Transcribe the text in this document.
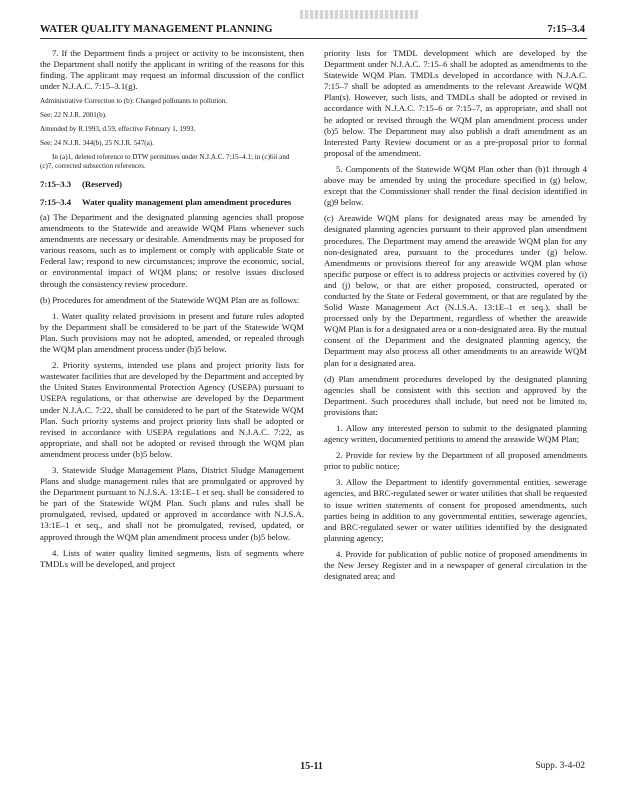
WATER QUALITY MANAGEMENT PLANNING	7:15–3.4

7. If the Department finds a project or activity to be inconsistent, then the Department shall notify the applicant in writing of the reasons for this finding. The applicant may request an informal discussion of the conflict under N.J.A.C. 7:15–3.1(g).

Administrative Correction to (b): Changed pollutants to pollution.

See: 22 N.J.R. 2001(b).

Amended by R.1993, d.59, effective February 1, 1993.

See: 24 N.J.R. 344(b), 25 N.J.R. 547(a).

In (a)1, deleted reference to DTW permittees under N.J.A.C. 7:15–4.1; in (c)6ii and (c)7, corrected subsection references.

7:15–3.3	(Reserved)
7:15–3.4	Water quality management plan amendment procedures

(a) The Department and the designated planning agencies shall propose amendments to the Statewide and areawide WQM Plans whenever such amendments are necessary or desirable. Amendments may be proposed for various reasons, such as to implement or comply with applicable State or Federal law; respond to new circumstances; improve the economic, social, or environmental impact of WQM plans; or resolve issues disclosed through the consistency review procedure.

(b) Procedures for amendment of the Statewide WQM Plan are as follows:

1. Water quality related provisions in present and future rules adopted by the Department shall be considered to be part of the Statewide WQM Plan. Such provisions may not be adopted, amended, or repealed through the WQM plan amendment process under (b)5 below.

2. Priority systems, intended use plans and project priority lists for wastewater facilities that are developed by the Department and accepted by the United States Environmental Protection Agency (USEPA) pursuant to USEPA regulations, or that otherwise are developed by the Department under N.J.A.C. 7:22, shall be considered to be part of the Statewide WQM Plan. Such priority systems and project priority lists shall be adopted or revised in accordance with USEPA regulations and N.J.A.C. 7:22, as appropriate, and shall not be adopted or revised through the WQM plan amendment process under (b)5 below.

3. Statewide Sludge Management Plans, District Sludge Management Plans and sludge management rules that are promulgated or approved by the Department pursuant to N.J.S.A. 13:1E–1 et seq. shall be considered to be part of the Statewide WQM Plan. Such plans and rules shall be promulgated, revised, updated or approved in accordance with N.J.S.A. 13:1E–1 et seq., and shall not be promulgated, revised, updated, or approved through the WQM plan amendment process under (b)5 below.

4. Lists of water quality limited segments, lists of segments where TMDLs will be developed, and project

priority lists for TMDL development which are developed by the Department under N.J.A.C. 7:15–6 shall be adopted as amendments to the Statewide WQM Plan. TMDLs developed in accordance with N.J.A.C. 7:15–7 shall be adopted as amendments to the relevant Areawide WQM Plan(s). However, such lists, and TMDLs shall be adopted or revised in accordance with N.J.A.C. 7:15–6 or 7:15–7, as appropriate, and shall not be adopted or revised through the WQM plan amendment process under (b)5 below. The Department may also publish a draft amendment as an Interested Party Review document or as a pre-proposal prior to formal proposal of the amendment.

5. Components of the Statewide WQM Plan other than (b)1 through 4 above may be amended by using the procedure specified in (g) below, except that the Commissioner shall render the final decision identified in (g)9 below.

(c) Areawide WQM plans for designated areas may be amended by designated planning agencies pursuant to their approved plan amendment procedures. The Department may amend the areawide WQM plan for any non-designated area, pursuant to the procedures under (g) below. Amendments or provisions thereof for any areawide WQM plan whose specific purpose or effect is to address projects or activities covered by (i) and (j) below, or that are either proposed, constructed, operated or conducted by the State or Federal government, or that are regulated by the Solid Waste Management Act (N.J.S.A. 13:1E–1 et seq.), shall be processed only by the Department, regardless of whether the areawide WQM Plan is for a designated area or a non-designated area. By the mutual consent of the Department and the designated planning agency, the Department may also process all other amendments to an areawide WQM plan for a designated area.

(d) Plan amendment procedures developed by the designated planning agencies shall be consistent with this section and approved by the Department. Such procedures shall include, but need not be limited to, provisions that:

1. Allow any interested person to submit to the designated planning agency written, documented petitions to amend the areawide WQM Plan;

2. Provide for review by the Department of all proposed amendments prior to public notice;

3. Allow the Department to identify governmental entities, sewerage agencies, and BRC-regulated sewer or water utilities that shall be requested to issue written statements of consent for proposed amendments, such parties being in addition to any governmental entities, sewerage agencies, and BRC-regulated sewer or water utilities identified by the designated planning agency;

4. Provide for publication of public notice of proposed amendments in the New Jersey Register and in a newspaper of general circulation in the designated area; and

15-11	Supp. 3-4-02
